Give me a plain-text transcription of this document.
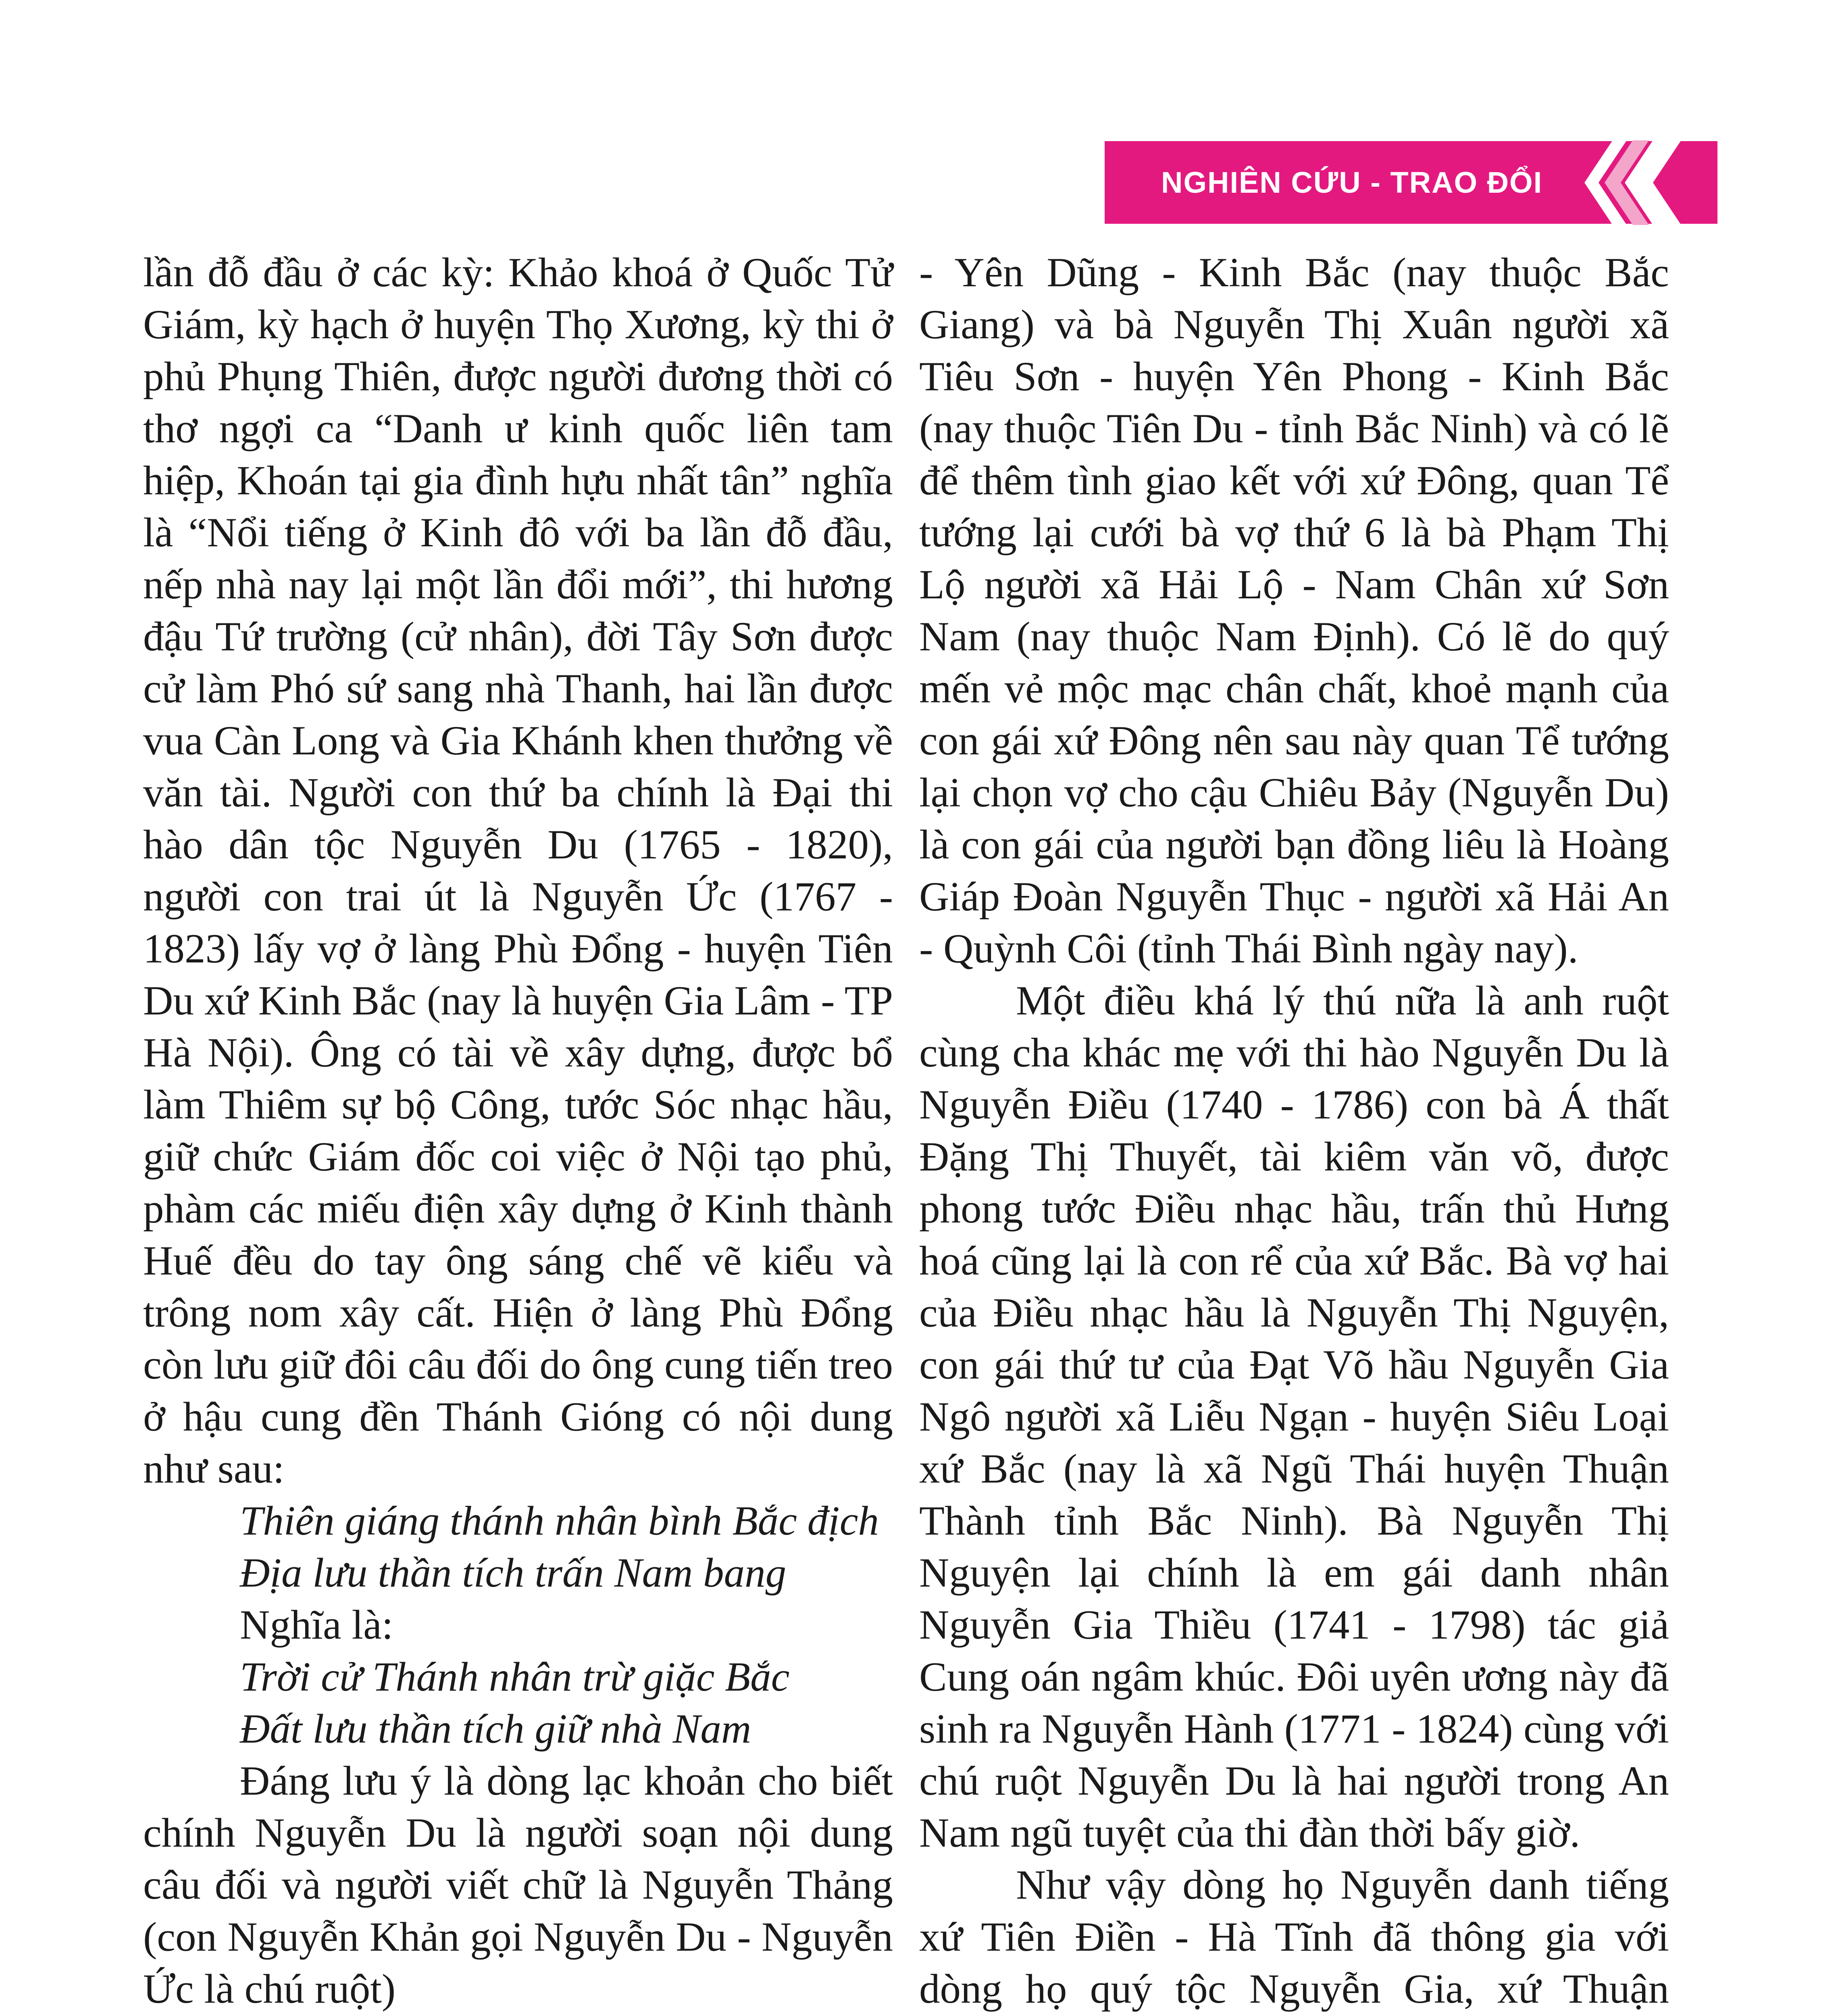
NGHIÊN CỨU - TRAO ĐỔI

lần đỗ đầu ở các kỳ: Khảo khoá ở Quốc Tử Giám, kỳ hạch ở huyện Thọ Xương, kỳ thi ở phủ Phụng Thiên, được người đương thời có thơ ngợi ca “Danh ư kinh quốc liên tam hiệp, Khoán tại gia đình hựu nhất tân” nghĩa là “Nổi tiếng ở Kinh đô với ba lần đỗ đầu, nếp nhà nay lại một lần đổi mới”, thi hương đậu Tứ trường (cử nhân), đời Tây Sơn được cử làm Phó sứ sang nhà Thanh, hai lần được vua Càn Long và Gia Khánh khen thưởng về văn tài. Người con thứ ba chính là Đại thi hào dân tộc Nguyễn Du (1765 - 1820), người con trai út là Nguyễn Ức (1767 - 1823) lấy vợ ở làng Phù Đổng - huyện Tiên Du xứ Kinh Bắc (nay là huyện Gia Lâm - TP Hà Nội). Ông có tài về xây dựng, được bổ làm Thiêm sự bộ Công, tước Sóc nhạc hầu, giữ chức Giám đốc coi việc ở Nội tạo phủ, phàm các miếu điện xây dựng ở Kinh thành Huế đều do tay ông sáng chế vẽ kiểu và trông nom xây cất. Hiện ở làng Phù Đổng còn lưu giữ đôi câu đối do ông cung tiến treo ở hậu cung đền Thánh Gióng có nội dung như sau:

Thiên giáng thánh nhân bình Bắc địch

Địa lưu thần tích trấn Nam bang

Nghĩa là:

Trời cử Thánh nhân trừ giặc Bắc

Đất lưu thần tích giữ nhà Nam

Đáng lưu ý là dòng lạc khoản cho biết chính Nguyễn Du là người soạn nội dung câu đối và người viết chữ là Nguyễn Thảng (con Nguyễn Khản gọi Nguyễn Du - Nguyễn Ức là chú ruột)

- Yên Dũng - Kinh Bắc (nay thuộc Bắc Giang) và bà Nguyễn Thị Xuân người xã Tiêu Sơn - huyện Yên Phong - Kinh Bắc (nay thuộc Tiên Du - tỉnh Bắc Ninh) và có lẽ để thêm tình giao kết với xứ Đông, quan Tể tướng lại cưới bà vợ thứ 6 là bà Phạm Thị Lộ người xã Hải Lộ - Nam Chân xứ Sơn Nam (nay thuộc Nam Định). Có lẽ do quý mến vẻ mộc mạc chân chất, khoẻ mạnh của con gái xứ Đông nên sau này quan Tể tướng lại chọn vợ cho cậu Chiêu Bảy (Nguyễn Du) là con gái của người bạn đồng liêu là Hoàng Giáp Đoàn Nguyễn Thục - người xã Hải An - Quỳnh Côi (tỉnh Thái Bình ngày nay).

Một điều khá lý thú nữa là anh ruột cùng cha khác mẹ với thi hào Nguyễn Du là Nguyễn Điều (1740 - 1786) con bà Á thất Đặng Thị Thuyết, tài kiêm văn võ, được phong tước Điều nhạc hầu, trấn thủ Hưng hoá cũng lại là con rể của xứ Bắc. Bà vợ hai của Điều nhạc hầu là Nguyễn Thị Nguyện, con gái thứ tư của Đạt Võ hầu Nguyễn Gia Ngô người xã Liễu Ngạn - huyện Siêu Loại xứ Bắc (nay là xã Ngũ Thái huyện Thuận Thành tỉnh Bắc Ninh). Bà Nguyễn Thị Nguyện lại chính là em gái danh nhân Nguyễn Gia Thiều (1741 - 1798) tác giả Cung oán ngâm khúc. Đôi uyên ương này đã sinh ra Nguyễn Hành (1771 - 1824) cùng với chú ruột Nguyễn Du là hai người trong An Nam ngũ tuyệt của thi đàn thời bấy giờ.

Như vậy dòng họ Nguyễn danh tiếng xứ Tiên Điền - Hà Tĩnh đã thông gia với dòng họ quý tộc Nguyễn Gia, xứ Thuận
